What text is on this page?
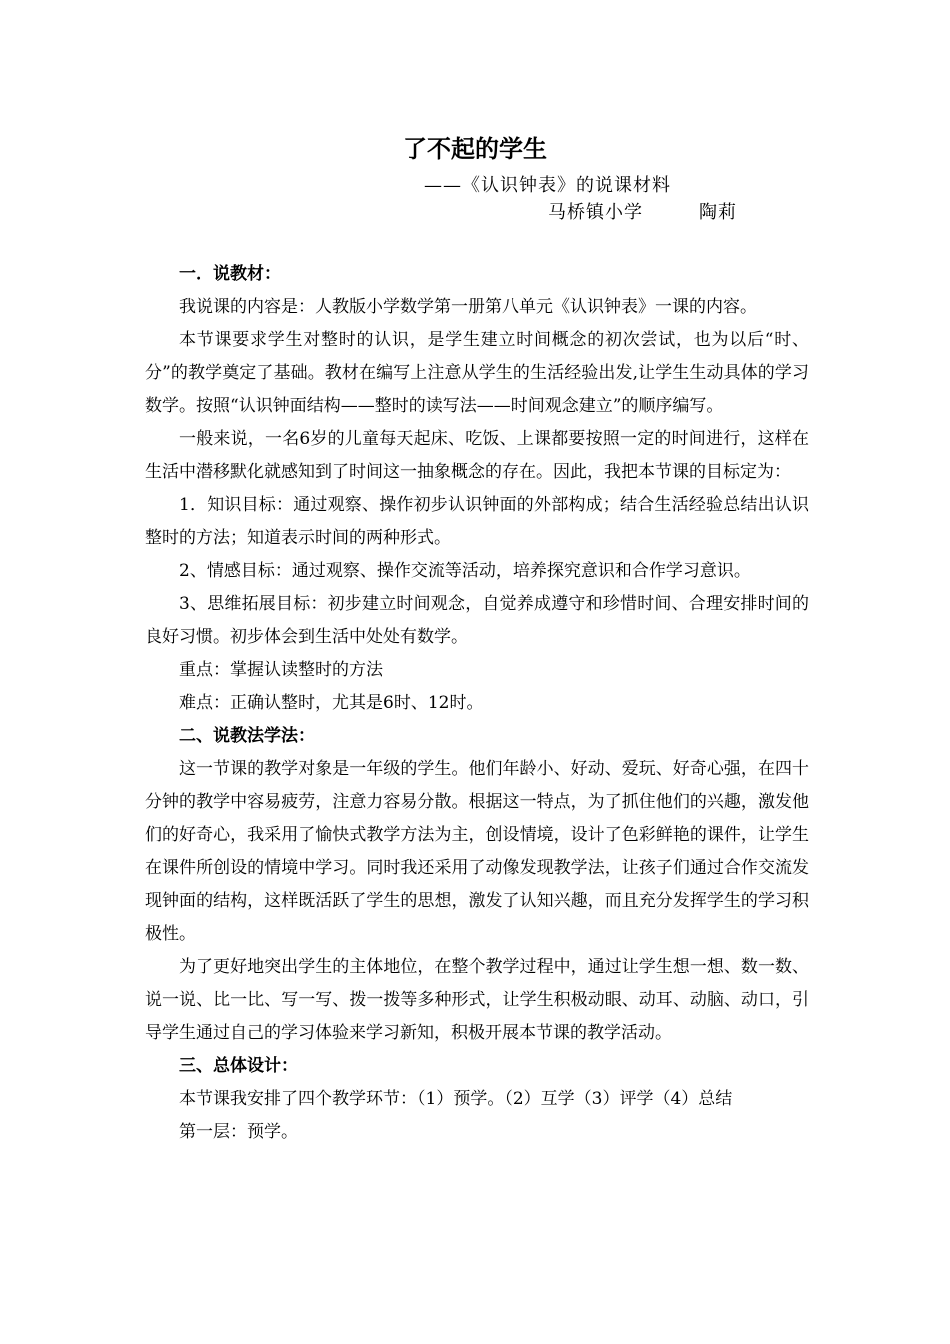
了不起的学生
——《认识钟表》的说课材料
马桥镇小学	陶莉

一．说教材：

我说课的内容是：人教版小学数学第一册第八单元《认识钟表》一课的内容。

本节课要求学生对整时的认识，是学生建立时间概念的初次尝试，也为以后“时、分”的教学奠定了基础。教材在编写上注意从学生的生活经验出发,让学生生动具体的学习数学。按照“认识钟面结构——整时的读写法——时间观念建立”的顺序编写。

一般来说，一名6岁的儿童每天起床、吃饭、上课都要按照一定的时间进行，这样在生活中潜移默化就感知到了时间这一抽象概念的存在。因此，我把本节课的目标定为：

1．知识目标：通过观察、操作初步认识钟面的外部构成；结合生活经验总结出认识整时的方法；知道表示时间的两种形式。

2、情感目标：通过观察、操作交流等活动，培养探究意识和合作学习意识。

3、思维拓展目标：初步建立时间观念，自觉养成遵守和珍惜时间、合理安排时间的良好习惯。初步体会到生活中处处有数学。

重点：掌握认读整时的方法

难点：正确认整时，尤其是6时、12时。

二、说教法学法：

这一节课的教学对象是一年级的学生。他们年龄小、好动、爱玩、好奇心强，在四十分钟的教学中容易疲劳，注意力容易分散。根据这一特点，为了抓住他们的兴趣，激发他们的好奇心，我采用了愉快式教学方法为主，创设情境，设计了色彩鲜艳的课件，让学生在课件所创设的情境中学习。同时我还采用了动像发现教学法，让孩子们通过合作交流发现钟面的结构，这样既活跃了学生的思想，激发了认知兴趣，而且充分发挥学生的学习积极性。

为了更好地突出学生的主体地位，在整个教学过程中，通过让学生想一想、数一数、说一说、比一比、写一写、拨一拨等多种形式，让学生积极动眼、动耳、动脑、动口，引导学生通过自己的学习体验来学习新知，积极开展本节课的教学活动。

三、总体设计：

本节课我安排了四个教学环节：（1）预学。（2）互学（3）评学（4）总结

第一层：预学。
